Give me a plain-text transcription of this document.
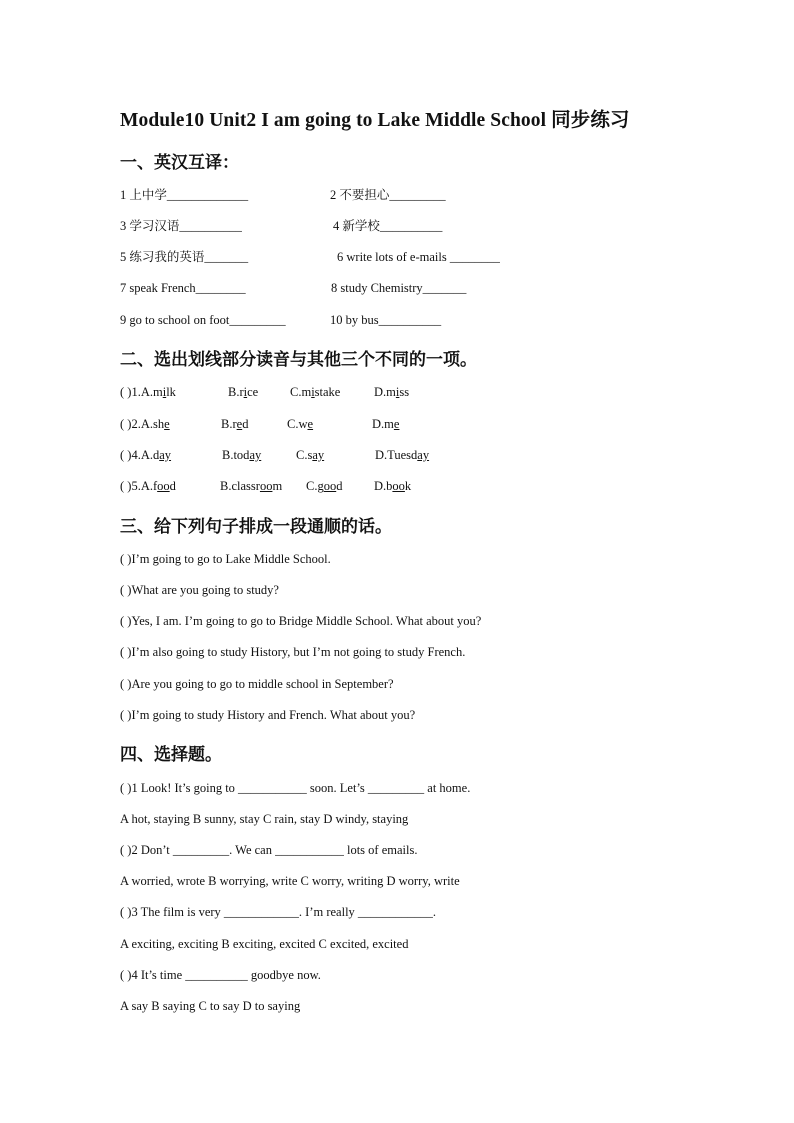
Module10 Unit2 I am going to Lake Middle School 同步练习
一、英汉互译：
1 上中学_____________	2 不要担心_________
3 学习汉语__________	4 新学校__________
5 练习我的英语_______	6 write lots of e-mails ________
7 speak French________	8 study Chemistry_______
9 go to school on foot_________	10 by bus__________
二、选出划线部分读音与其他三个不同的一项。
( )1.A.milk	B.rice	C.mistake	D.miss
( )2.A.she	B.red	C.we	D.me
( )4.A.day	B.today	C.say	D.Tuesday
( )5.A.food	B.classroom C.good	D.book
三、给下列句子排成一段通顺的话。
( )I’m going to go to Lake Middle School.
( )What are you going to study?
( )Yes, I am. I’m going to go to Bridge Middle School. What about you?
( )I’m also going to study History, but I’m not going to study French.
( )Are you going to go to middle school in September?
( )I’m going to study History and French. What about you?
四、选择题。
( )1 Look! It’s going to ___________ soon. Let’s _________ at home.
A hot, staying B sunny, stay C rain, stay D windy, staying
( )2 Don’t _________. We can ___________ lots of emails.
A worried, wrote B worrying, write C worry, writing D worry, write
( )3 The film is very ____________. I’m really ____________.
A exciting, exciting B exciting, excited C excited, excited
( )4 It’s time __________ goodbye now.
A say B saying C to say D to saying
